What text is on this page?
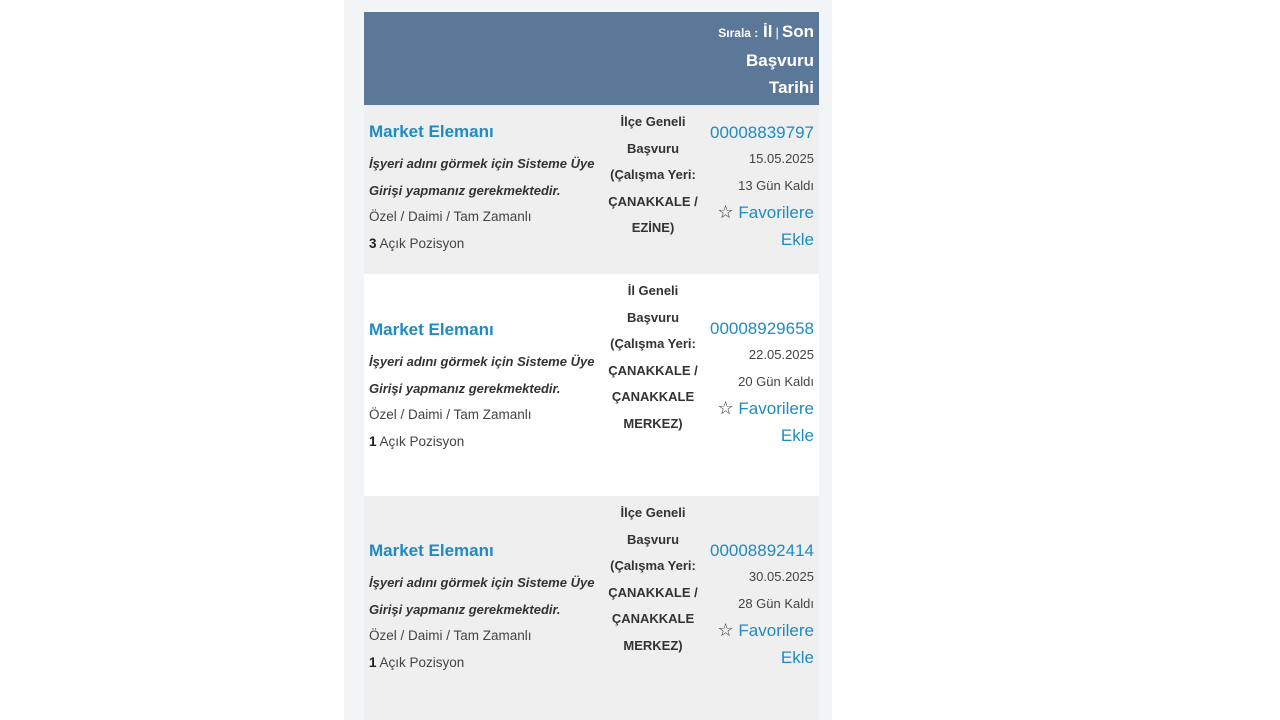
Sırala : İl | Son Başvuru Tarihi
Market Elemanı
İşyeri adını görmek için Sisteme Üye Girişi yapmanız gerekmektedir.
Özel / Daimi / Tam Zamanlı
3 Açık Pozisyon
İlçe Geneli Başvuru (Çalışma Yeri: ÇANAKKALE / EZİNE)
00008839797
15.05.2025
13 Gün Kaldı
☆ Favorilere Ekle
Market Elemanı
İşyeri adını görmek için Sisteme Üye Girişi yapmanız gerekmektedir.
Özel / Daimi / Tam Zamanlı
1 Açık Pozisyon
İl Geneli Başvuru (Çalışma Yeri: ÇANAKKALE / ÇANAKKALE MERKEZ)
00008929658
22.05.2025
20 Gün Kaldı
☆ Favorilere Ekle
Market Elemanı
İşyeri adını görmek için Sisteme Üye Girişi yapmanız gerekmektedir.
Özel / Daimi / Tam Zamanlı
1 Açık Pozisyon
İlçe Geneli Başvuru (Çalışma Yeri: ÇANAKKALE / ÇANAKKALE MERKEZ)
00008892414
30.05.2025
28 Gün Kaldı
☆ Favorilere Ekle
